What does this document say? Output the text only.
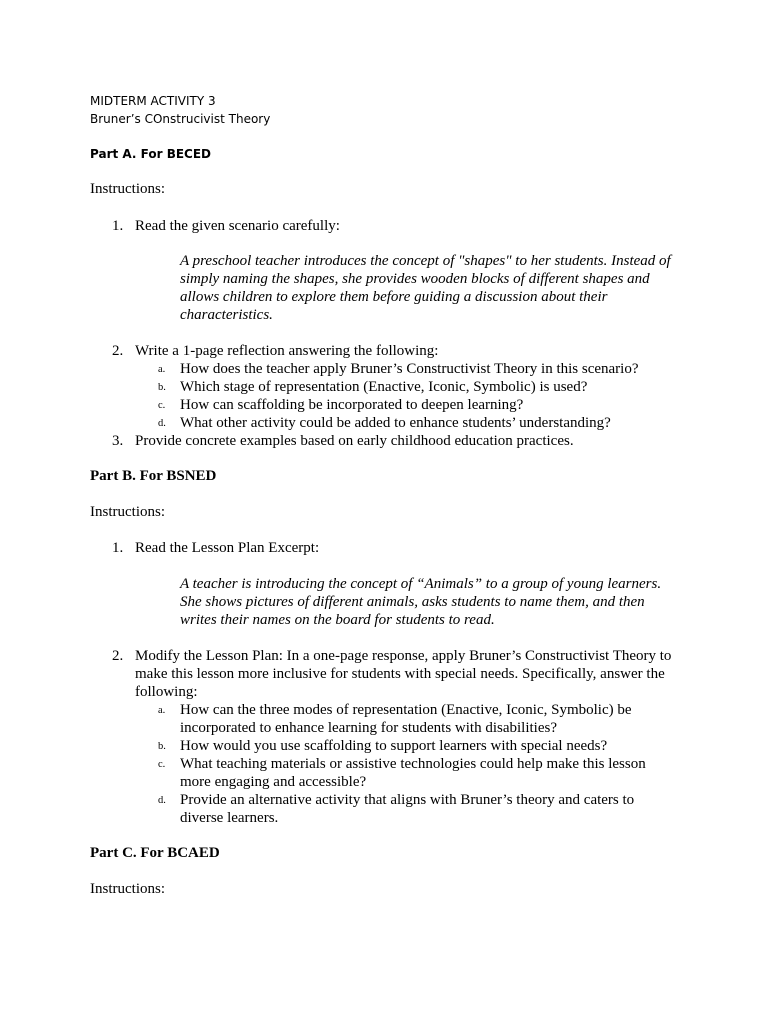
MIDTERM ACTIVITY 3
Bruner’s COnstrucivist Theory
Part A. For BECED
Instructions:
1. Read the given scenario carefully:
A preschool teacher introduces the concept of "shapes" to her students. Instead of
simply naming the shapes, she provides wooden blocks of different shapes and
allows children to explore them before guiding a discussion about their
characteristics.
2. Write a 1-page reflection answering the following:
a. How does the teacher apply Bruner’s Constructivist Theory in this scenario?
b. Which stage of representation (Enactive, Iconic, Symbolic) is used?
c. How can scaffolding be incorporated to deepen learning?
d. What other activity could be added to enhance students’ understanding?
3. Provide concrete examples based on early childhood education practices.
Part B. For BSNED
Instructions:
1. Read the Lesson Plan Excerpt:
A teacher is introducing the concept of “Animals” to a group of young learners.
She shows pictures of different animals, asks students to name them, and then
writes their names on the board for students to read.
2. Modify the Lesson Plan: In a one-page response, apply Bruner’s Constructivist Theory to
make this lesson more inclusive for students with special needs. Specifically, answer the
following:
a. How can the three modes of representation (Enactive, Iconic, Symbolic) be
incorporated to enhance learning for students with disabilities?
b. How would you use scaffolding to support learners with special needs?
c. What teaching materials or assistive technologies could help make this lesson
more engaging and accessible?
d. Provide an alternative activity that aligns with Bruner’s theory and caters to
diverse learners.
Part C. For BCAED
Instructions:
